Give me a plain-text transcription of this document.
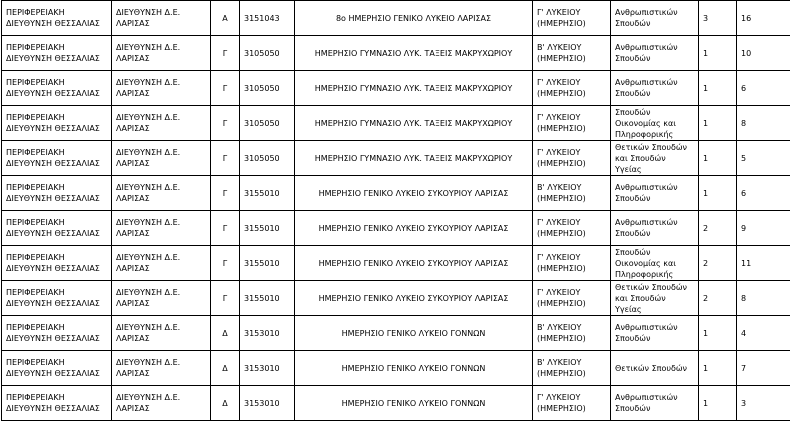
ΠΕΡΙΦΕΡΕΙΑΚΗ ΔΙΕΥΘΥΝΣΗ ΘΕΣΣΑΛΙΑΣ	ΔΙΕΥΘΥΝΣΗ Δ.Ε. ΛΑΡΙΣΑΣ	Α	3151043	8ο ΗΜΕΡΗΣΙΟ ΓΕΝΙΚΟ ΛΥΚΕΙΟ ΛΑΡΙΣΑΣ	Γ' ΛΥΚΕΙΟΥ (ΗΜΕΡΗΣΙΟ)	Ανθρωπιστικών Σπουδών	3	16
ΠΕΡΙΦΕΡΕΙΑΚΗ ΔΙΕΥΘΥΝΣΗ ΘΕΣΣΑΛΙΑΣ	ΔΙΕΥΘΥΝΣΗ Δ.Ε. ΛΑΡΙΣΑΣ	Γ	3105050	ΗΜΕΡΗΣΙΟ ΓΥΜΝΑΣΙΟ ΛΥΚ. ΤΑΞΕΙΣ ΜΑΚΡΥΧΩΡΙΟΥ	Β' ΛΥΚΕΙΟΥ (ΗΜΕΡΗΣΙΟ)	Ανθρωπιστικών Σπουδών	1	10
ΠΕΡΙΦΕΡΕΙΑΚΗ ΔΙΕΥΘΥΝΣΗ ΘΕΣΣΑΛΙΑΣ	ΔΙΕΥΘΥΝΣΗ Δ.Ε. ΛΑΡΙΣΑΣ	Γ	3105050	ΗΜΕΡΗΣΙΟ ΓΥΜΝΑΣΙΟ ΛΥΚ. ΤΑΞΕΙΣ ΜΑΚΡΥΧΩΡΙΟΥ	Γ' ΛΥΚΕΙΟΥ (ΗΜΕΡΗΣΙΟ)	Ανθρωπιστικών Σπουδών	1	6
ΠΕΡΙΦΕΡΕΙΑΚΗ ΔΙΕΥΘΥΝΣΗ ΘΕΣΣΑΛΙΑΣ	ΔΙΕΥΘΥΝΣΗ Δ.Ε. ΛΑΡΙΣΑΣ	Γ	3105050	ΗΜΕΡΗΣΙΟ ΓΥΜΝΑΣΙΟ ΛΥΚ. ΤΑΞΕΙΣ ΜΑΚΡΥΧΩΡΙΟΥ	Γ' ΛΥΚΕΙΟΥ (ΗΜΕΡΗΣΙΟ)	Σπουδών Οικονομίας και Πληροφορικής	1	8
ΠΕΡΙΦΕΡΕΙΑΚΗ ΔΙΕΥΘΥΝΣΗ ΘΕΣΣΑΛΙΑΣ	ΔΙΕΥΘΥΝΣΗ Δ.Ε. ΛΑΡΙΣΑΣ	Γ	3105050	ΗΜΕΡΗΣΙΟ ΓΥΜΝΑΣΙΟ ΛΥΚ. ΤΑΞΕΙΣ ΜΑΚΡΥΧΩΡΙΟΥ	Γ' ΛΥΚΕΙΟΥ (ΗΜΕΡΗΣΙΟ)	Θετικών Σπουδών και Σπουδών Υγείας	1	5
ΠΕΡΙΦΕΡΕΙΑΚΗ ΔΙΕΥΘΥΝΣΗ ΘΕΣΣΑΛΙΑΣ	ΔΙΕΥΘΥΝΣΗ Δ.Ε. ΛΑΡΙΣΑΣ	Γ	3155010	ΗΜΕΡΗΣΙΟ ΓΕΝΙΚΟ ΛΥΚΕΙΟ ΣΥΚΟΥΡΙΟΥ ΛΑΡΙΣΑΣ	Β' ΛΥΚΕΙΟΥ (ΗΜΕΡΗΣΙΟ)	Ανθρωπιστικών Σπουδών	1	6
ΠΕΡΙΦΕΡΕΙΑΚΗ ΔΙΕΥΘΥΝΣΗ ΘΕΣΣΑΛΙΑΣ	ΔΙΕΥΘΥΝΣΗ Δ.Ε. ΛΑΡΙΣΑΣ	Γ	3155010	ΗΜΕΡΗΣΙΟ ΓΕΝΙΚΟ ΛΥΚΕΙΟ ΣΥΚΟΥΡΙΟΥ ΛΑΡΙΣΑΣ	Γ' ΛΥΚΕΙΟΥ (ΗΜΕΡΗΣΙΟ)	Ανθρωπιστικών Σπουδών	2	9
ΠΕΡΙΦΕΡΕΙΑΚΗ ΔΙΕΥΘΥΝΣΗ ΘΕΣΣΑΛΙΑΣ	ΔΙΕΥΘΥΝΣΗ Δ.Ε. ΛΑΡΙΣΑΣ	Γ	3155010	ΗΜΕΡΗΣΙΟ ΓΕΝΙΚΟ ΛΥΚΕΙΟ ΣΥΚΟΥΡΙΟΥ ΛΑΡΙΣΑΣ	Γ' ΛΥΚΕΙΟΥ (ΗΜΕΡΗΣΙΟ)	Σπουδών Οικονομίας και Πληροφορικής	2	11
ΠΕΡΙΦΕΡΕΙΑΚΗ ΔΙΕΥΘΥΝΣΗ ΘΕΣΣΑΛΙΑΣ	ΔΙΕΥΘΥΝΣΗ Δ.Ε. ΛΑΡΙΣΑΣ	Γ	3155010	ΗΜΕΡΗΣΙΟ ΓΕΝΙΚΟ ΛΥΚΕΙΟ ΣΥΚΟΥΡΙΟΥ ΛΑΡΙΣΑΣ	Γ' ΛΥΚΕΙΟΥ (ΗΜΕΡΗΣΙΟ)	Θετικών Σπουδών και Σπουδών Υγείας	2	8
ΠΕΡΙΦΕΡΕΙΑΚΗ ΔΙΕΥΘΥΝΣΗ ΘΕΣΣΑΛΙΑΣ	ΔΙΕΥΘΥΝΣΗ Δ.Ε. ΛΑΡΙΣΑΣ	Δ	3153010	ΗΜΕΡΗΣΙΟ ΓΕΝΙΚΟ ΛΥΚΕΙΟ ΓΟΝΝΩΝ	Β' ΛΥΚΕΙΟΥ (ΗΜΕΡΗΣΙΟ)	Ανθρωπιστικών Σπουδών	1	4
ΠΕΡΙΦΕΡΕΙΑΚΗ ΔΙΕΥΘΥΝΣΗ ΘΕΣΣΑΛΙΑΣ	ΔΙΕΥΘΥΝΣΗ Δ.Ε. ΛΑΡΙΣΑΣ	Δ	3153010	ΗΜΕΡΗΣΙΟ ΓΕΝΙΚΟ ΛΥΚΕΙΟ ΓΟΝΝΩΝ	Β' ΛΥΚΕΙΟΥ (ΗΜΕΡΗΣΙΟ)	Θετικών Σπουδών	1	7
ΠΕΡΙΦΕΡΕΙΑΚΗ ΔΙΕΥΘΥΝΣΗ ΘΕΣΣΑΛΙΑΣ	ΔΙΕΥΘΥΝΣΗ Δ.Ε. ΛΑΡΙΣΑΣ	Δ	3153010	ΗΜΕΡΗΣΙΟ ΓΕΝΙΚΟ ΛΥΚΕΙΟ ΓΟΝΝΩΝ	Γ' ΛΥΚΕΙΟΥ (ΗΜΕΡΗΣΙΟ)	Ανθρωπιστικών Σπουδών	1	3
